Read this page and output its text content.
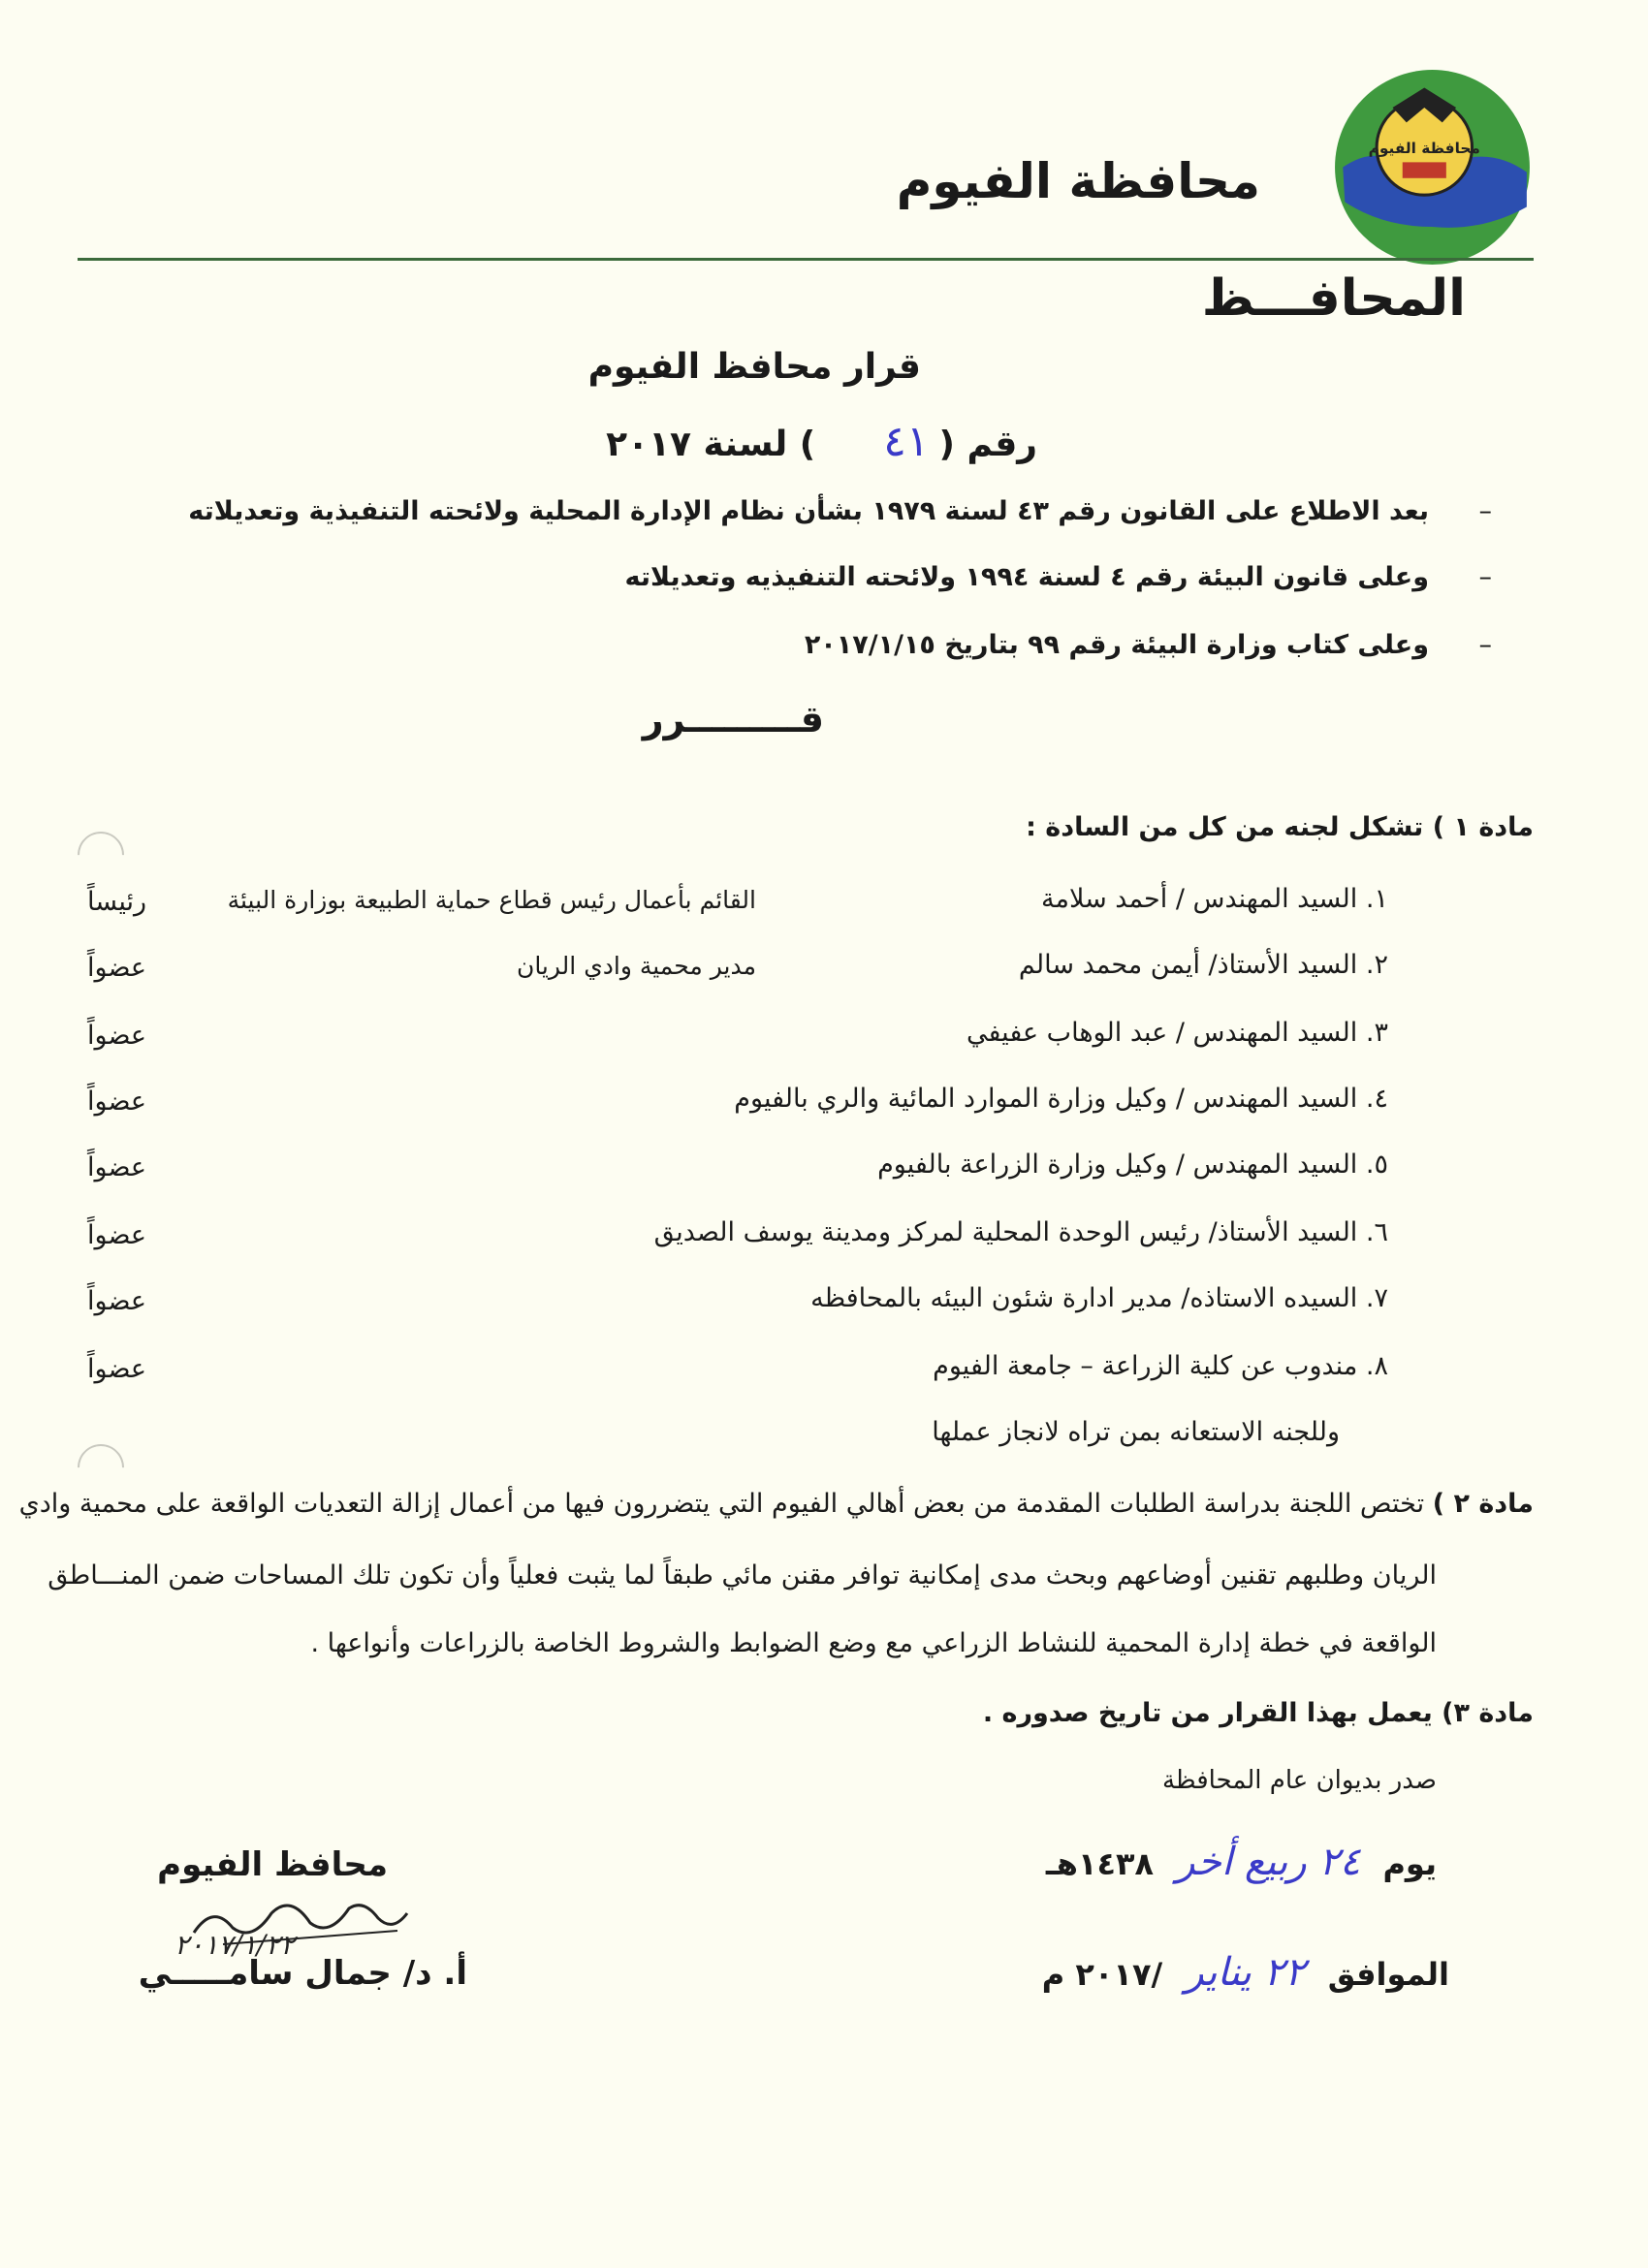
محافظة الفيوم
محافظة الفيوم
المحافـــظ
قرار محافظ الفيوم
رقم (٤١) لسنة ٢٠١٧
–
بعد الاطلاع على القانون رقم ٤٣ لسنة ١٩٧٩ بشأن نظام الإدارة المحلية ولائحته التنفيذية وتعديلاته
–
وعلى قانون البيئة رقم ٤ لسنة ١٩٩٤ ولائحته التنفيذيه وتعديلاته
–
وعلى كتاب وزارة البيئة رقم ٩٩ بتاريخ ٢٠١٧/١/١٥
قـــــــــرر
مادة ١ ) تشكل لجنه من كل من السادة :
١. السيد المهندس / أحمد سلامة
القائم بأعمال رئيس قطاع حماية الطبيعة بوزارة البيئة
رئيساً
٢. السيد الأستاذ/ أيمن محمد سالم
مدير محمية وادي الريان
عضواً
٣. السيد المهندس / عبد الوهاب عفيفي
عضواً
٤. السيد المهندس / وكيل وزارة الموارد المائية والري بالفيوم
عضواً
٥. السيد المهندس / وكيل وزارة الزراعة بالفيوم
عضواً
٦. السيد الأستاذ/ رئيس الوحدة المحلية لمركز ومدينة يوسف الصديق
عضواً
٧. السيده الاستاذه/ مدير ادارة شئون البيئه بالمحافظه
عضواً
٨. مندوب عن كلية الزراعة – جامعة الفيوم
عضواً
وللجنه الاستعانه بمن تراه لانجاز عملها
مادة ٢ ) تختص اللجنة بدراسة الطلبات المقدمة من بعض أهالي الفيوم التي يتضررون فيها من أعمال إزالة التعديات الواقعة على محمية وادي
الريان وطلبهم تقنين أوضاعهم وبحث مدى إمكانية توافر مقنن مائي طبقاً لما يثبت فعلياً وأن تكون تلك المساحات ضمن المنـــاطق
الواقعة في خطة إدارة المحمية للنشاط الزراعي مع وضع الضوابط والشروط الخاصة بالزراعات وأنواعها .
مادة ٣) يعمل بهذا القرار من تاريخ صدوره .
صدر بديوان عام المحافظة
يوم ٢٤ ربيع أخر ١٤٣٨هـ
الموافق ٢٢ يناير /٢٠١٧ م
محافظ الفيوم
٢٠١٧/١/٢٢
أ. د/ جمال سامـــــي
